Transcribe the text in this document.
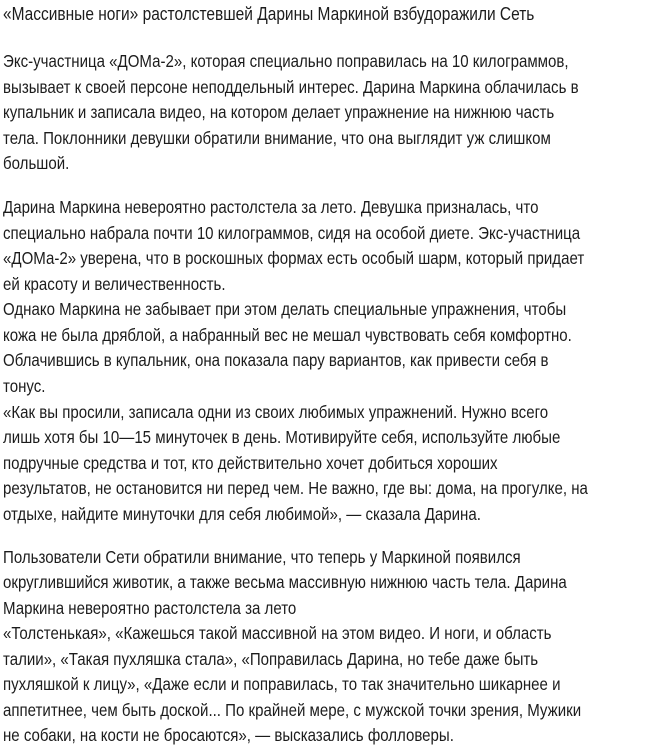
«Массивные ноги» растолстевшей Дарины Маркиной взбудоражили Сеть
Экс-участница «ДОМа-2», которая специально поправилась на 10 килограммов,
вызывает к своей персоне неподдельный интерес. Дарина Маркина облачилась в
купальник и записала видео, на котором делает упражнение на нижнюю часть
тела. Поклонники девушки обратили внимание, что она выглядит уж слишком
большой.
Дарина Маркина невероятно растолстела за лето. Девушка призналась, что
специально набрала почти 10 килограммов, сидя на особой диете. Экс-участница
«ДОМа-2» уверена, что в роскошных формах есть особый шарм, который придает
ей красоту и величественность.
Однако Маркина не забывает при этом делать специальные упражнения, чтобы
кожа не была дряблой, а набранный вес не мешал чувствовать себя комфортно.
Облачившись в купальник, она показала пару вариантов, как привести себя в
тонус.
«Как вы просили, записала одни из своих любимых упражнений. Нужно всего
лишь хотя бы 10—15 минуточек в день. Мотивируйте себя, используйте любые
подручные средства и тот, кто действительно хочет добиться хороших
результатов, не остановится ни перед чем. Не важно, где вы: дома, на прогулке, на
отдыхе, найдите минуточки для себя любимой», — сказала Дарина.
Пользователи Сети обратили внимание, что теперь у Маркиной появился
округлившийся животик, а также весьма массивную нижнюю часть тела. Дарина
Маркина невероятно растолстела за лето
«Толстенькая», «Кажешься такой массивной на этом видео. И ноги, и область
талии», «Такая пухляшка стала», «Поправилась Дарина, но тебе даже быть
пухляшкой к лицу», «Даже если и поправилась, то так значительно шикарнее и
аппетитнее, чем быть доской... По крайней мере, с мужской точки зрения, Мужики
не собаки, на кости не бросаются», — высказались фолловеры.
